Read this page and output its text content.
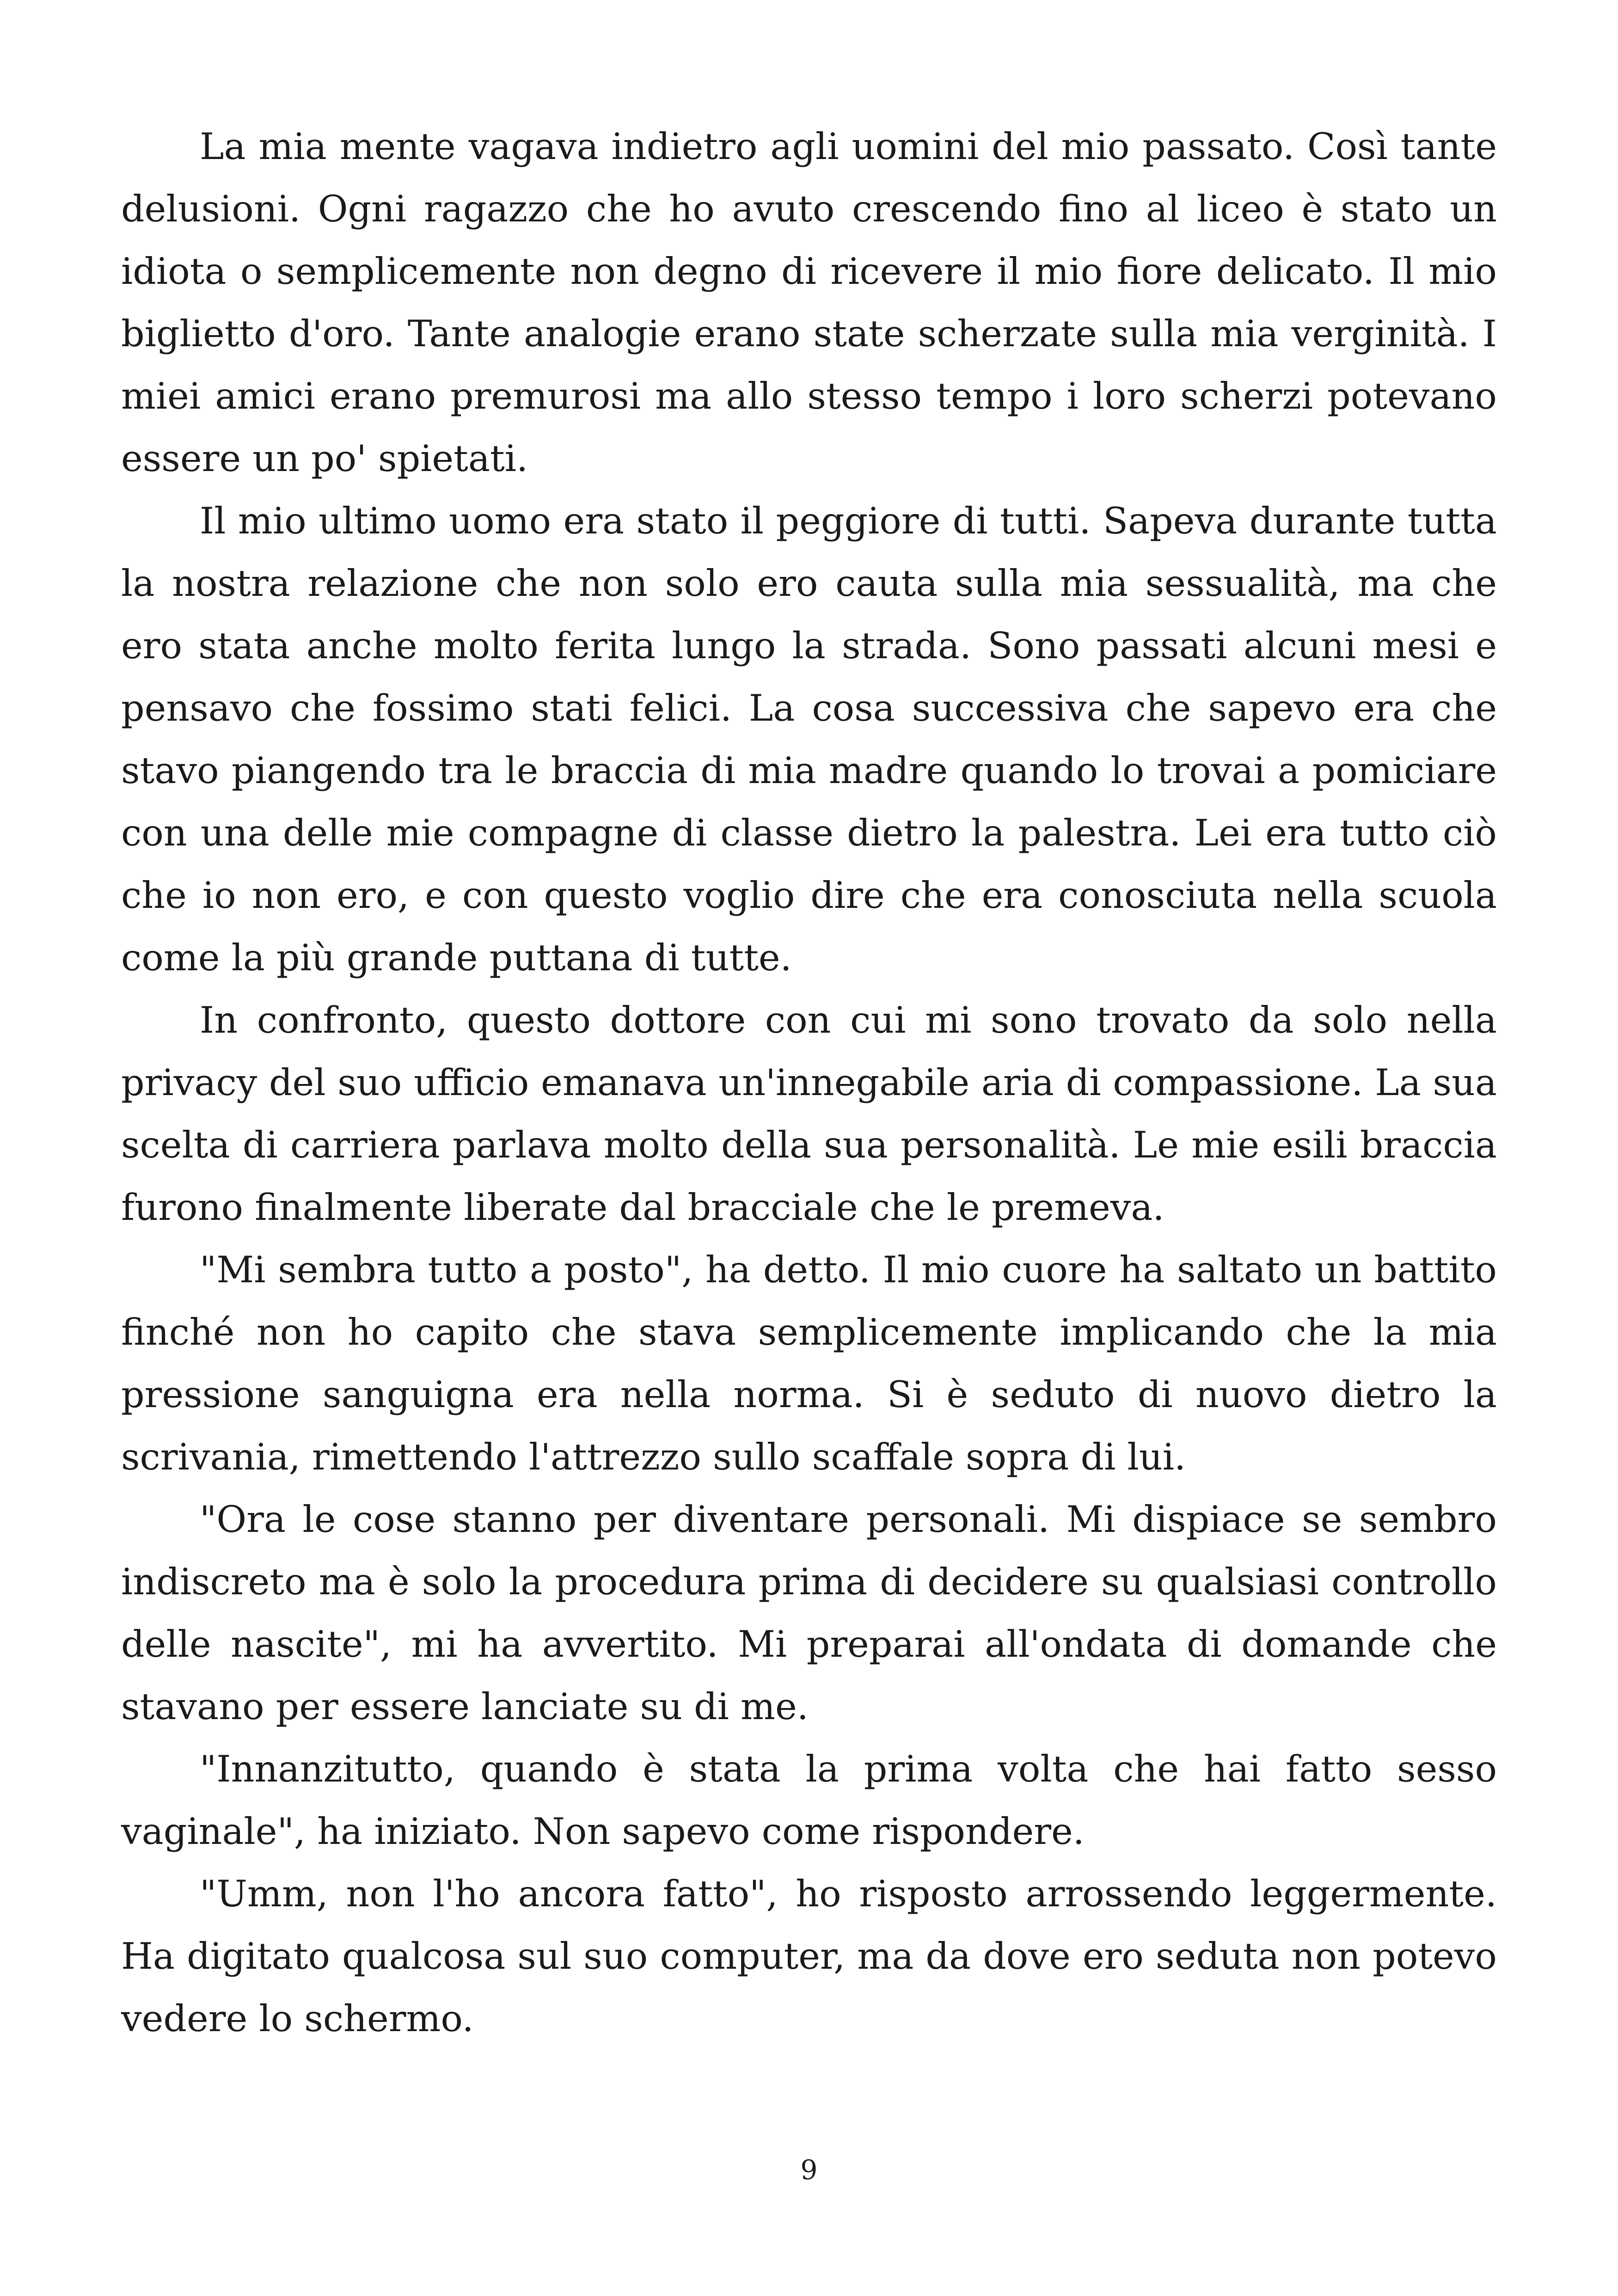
La mia mente vagava indietro agli uomini del mio passato. Così tante delusioni. Ogni ragazzo che ho avuto crescendo fino al liceo è stato un idiota o semplicemente non degno di ricevere il mio fiore delicato. Il mio biglietto d'oro. Tante analogie erano state scherzate sulla mia verginità. I miei amici erano premurosi ma allo stesso tempo i loro scherzi potevano essere un po' spietati.

Il mio ultimo uomo era stato il peggiore di tutti. Sapeva durante tutta la nostra relazione che non solo ero cauta sulla mia sessualità, ma che ero stata anche molto ferita lungo la strada. Sono passati alcuni mesi e pensavo che fossimo stati felici. La cosa successiva che sapevo era che stavo piangendo tra le braccia di mia madre quando lo trovai a pomiciare con una delle mie compagne di classe dietro la palestra. Lei era tutto ciò che io non ero, e con questo voglio dire che era conosciuta nella scuola come la più grande puttana di tutte.

In confronto, questo dottore con cui mi sono trovato da solo nella privacy del suo ufficio emanava un'innegabile aria di compassione. La sua scelta di carriera parlava molto della sua personalità. Le mie esili braccia furono finalmente liberate dal bracciale che le premeva.

"Mi sembra tutto a posto", ha detto. Il mio cuore ha saltato un battito finché non ho capito che stava semplicemente implicando che la mia pressione sanguigna era nella norma. Si è seduto di nuovo dietro la scrivania, rimettendo l'attrezzo sullo scaffale sopra di lui.

"Ora le cose stanno per diventare personali. Mi dispiace se sembro indiscreto ma è solo la procedura prima di decidere su qualsiasi controllo delle nascite", mi ha avvertito. Mi preparai all'ondata di domande che stavano per essere lanciate su di me.

"Innanzitutto, quando è stata la prima volta che hai fatto sesso vaginale", ha iniziato. Non sapevo come rispondere.

"Umm, non l'ho ancora fatto", ho risposto arrossendo leggermente. Ha digitato qualcosa sul suo computer, ma da dove ero seduta non potevo vedere lo schermo.

9
